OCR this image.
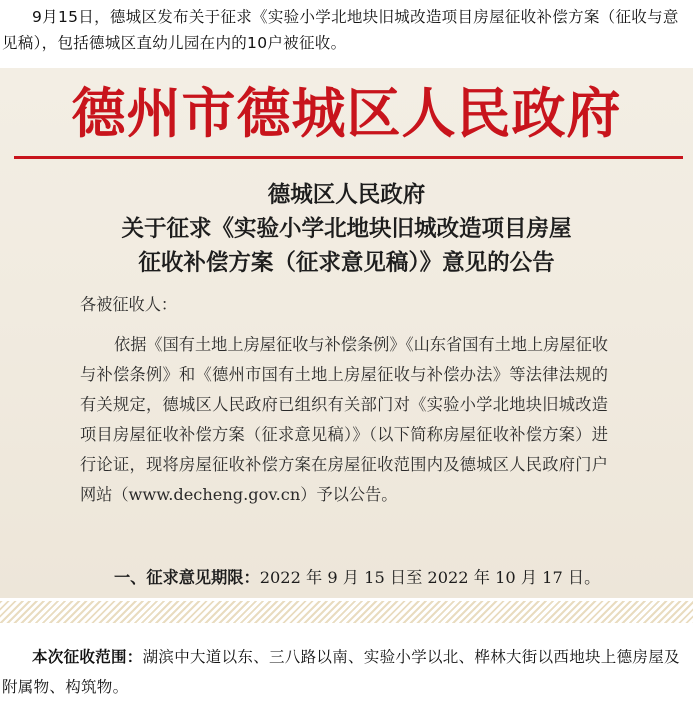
9月15日，德城区发布关于征求《实验小学北地块旧城改造项目房屋征收补偿方案（征收与意见稿），包括德城区直幼儿园在内的10户被征收。
德州市德城区人民政府
德城区人民政府
关于征求《实验小学北地块旧城改造项目房屋
征收补偿方案（征求意见稿）》意见的公告

各被征收人：

依据《国有土地上房屋征收与补偿条例》《山东省国有土地上房屋征收与补偿条例》和《德州市国有土地上房屋征收与补偿办法》等法律法规的有关规定，德城区人民政府已组织有关部门对《实验小学北地块旧城改造项目房屋征收补偿方案（征求意见稿）》（以下简称房屋征收补偿方案）进行论证，现将房屋征收补偿方案在房屋征收范围内及德城区人民政府门户网站（www.decheng.gov.cn）予以公告。

一、征求意见期限：2022 年 9 月 15 日至 2022 年 10 月 17 日。
本次征收范围：湖滨中大道以东、三八路以南、实验小学以北、桦林大街以西地块上德房屋及附属物、构筑物。
